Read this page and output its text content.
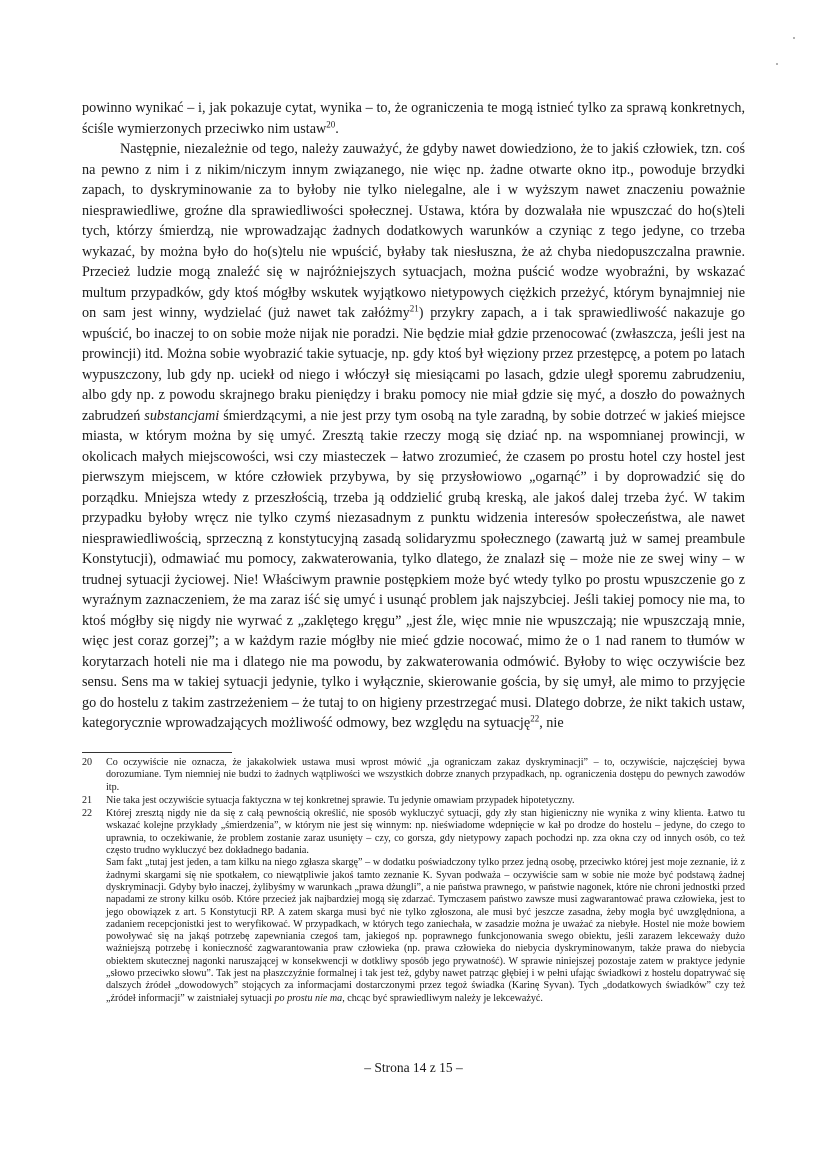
powinno wynikać – i, jak pokazuje cytat, wynika – to, że ograniczenia te mogą istnieć tylko za sprawą konkretnych, ściśle wymierzonych przeciwko nim ustaw$^{20}$.

Następnie, niezależnie od tego, należy zauważyć, że gdyby nawet dowiedziono, że to jakiś człowiek, tzn. coś na pewno z nim i z nikim/niczym innym związanego, nie więc np. żadne otwarte okno itp., powoduje brzydki zapach, to dyskryminowanie za to byłoby nie tylko nielegalne, ale i w wyższym nawet znaczeniu poważnie niesprawiedliwe, groźne dla sprawiedliwości społecznej. Ustawa, która by dozwalała nie wpuszczać do ho(s)teli tych, którzy śmierdzą, nie wprowadzając żadnych dodatkowych warunków a czyniąc z tego jedyne, co trzeba wykazać, by można było do ho(s)telu nie wpuścić, byłaby tak niesłuszna, że aż chyba niedopuszczalna prawnie. Przecież ludzie mogą znaleźć się w najróżniejszych sytuacjach, można puścić wodze wyobraźni, by wskazać multum przypadków, gdy ktoś mógłby wskutek wyjątkowo nietypowych ciężkich przeżyć, którym bynajmniej nie on sam jest winny, wydzielać (już nawet tak załóżmy$^{21}$) przykry zapach, a i tak sprawiedliwość nakazuje go wpuścić, bo inaczej to on sobie może nijak nie poradzi. Nie będzie miał gdzie przenocować (zwłaszcza, jeśli jest na prowincji) itd. Można sobie wyobrazić takie sytuacje, np. gdy ktoś był więziony przez przestępcę, a potem po latach wypuszczony, lub gdy np. uciekł od niego i włóczył się miesiącami po lasach, gdzie uległ sporemu zabrudzeniu, albo gdy np. z powodu skrajnego braku pieniędzy i braku pomocy nie miał gdzie się myć, a doszło do poważnych zabrudzeń substancjami śmierdzącymi, a nie jest przy tym osobą na tyle zaradną, by sobie dotrzeć w jakieś miejsce miasta, w którym można by się umyć. Zresztą takie rzeczy mogą się dziać np. na wspomnianej prowincji, w okolicach małych miejscowości, wsi czy miasteczek – łatwo zrozumieć, że czasem po prostu hotel czy hostel jest pierwszym miejscem, w które człowiek przybywa, by się przysłowiowo „ogarnąć” i by doprowadzić się do porządku. Mniejsza wtedy z przeszłością, trzeba ją oddzielić grubą kreską, ale jakoś dalej trzeba żyć. W takim przypadku byłoby wręcz nie tylko czymś niezasadnym z punktu widzenia interesów społeczeństwa, ale nawet niesprawiedliwością, sprzeczną z konstytucyjną zasadą solidaryzmu społecznego (zawartą już w samej preambule Konstytucji), odmawiać mu pomocy, zakwaterowania, tylko dlatego, że znalazł się – może nie ze swej winy – w trudnej sytuacji życiowej. Nie! Właściwym prawnie postępkiem może być wtedy tylko po prostu wpuszczenie go z wyraźnym zaznaczeniem, że ma zaraz iść się umyć i usunąć problem jak najszybciej. Jeśli takiej pomocy nie ma, to ktoś mógłby się nigdy nie wyrwać z „zaklętego kręgu” „jest źle, więc mnie nie wpuszczają; nie wpuszczają mnie, więc jest coraz gorzej”; a w każdym razie mógłby nie mieć gdzie nocować, mimo że o 1 nad ranem to tłumów w korytarzach hoteli nie ma i dlatego nie ma powodu, by zakwaterowania odmówić. Byłoby to więc oczywiście bez sensu. Sens ma w takiej sytuacji jedynie, tylko i wyłącznie, skierowanie gościa, by się umył, ale mimo to przyjęcie go do hostelu z takim zastrzeżeniem – że tutaj to on higieny przestrzegać musi. Dlatego dobrze, że nikt takich ustaw, kategorycznie wprowadzających możliwość odmowy, bez względu na sytuację$^{22}$, nie

20	Co oczywiście nie oznacza, że jakakolwiek ustawa musi wprost mówić „ja ograniczam zakaz dyskryminacji” – to, oczywiście, najczęściej bywa dorozumiane. Tym niemniej nie budzi to żadnych wątpliwości we wszystkich dobrze znanych przypadkach, np. ograniczenia dostępu do pewnych zawodów itp.

21	Nie taka jest oczywiście sytuacja faktyczna w tej konkretnej sprawie. Tu jedynie omawiam przypadek hipotetyczny.

22	Której zresztą nigdy nie da się z całą pewnością określić, nie sposób wykluczyć sytuacji, gdy zły stan higieniczny nie wynika z winy klienta. Łatwo tu wskazać kolejne przykłady „śmierdzenia”, w którym nie jest się winnym: np. nieświadome wdepnięcie w kał po drodze do hostelu – jedyne, do czego to uprawnia, to oczekiwanie, że problem zostanie zaraz usunięty – czy, co gorsza, gdy nietypowy zapach pochodzi np. zza okna czy od innych osób, co też często trudno wykluczyć bez dokładnego badania.

Sam fakt „tutaj jest jeden, a tam kilku na niego zgłasza skargę” – w dodatku poświadczony tylko przez jedną osobę, przeciwko której jest moje zeznanie, iż z żadnymi skargami się nie spotkałem, co niewątpliwie jakoś tamto zeznanie K. Syvan podważa – oczywiście sam w sobie nie może być podstawą żadnej dyskryminacji. Gdyby było inaczej, żylibyśmy w warunkach „prawa dżungli”, a nie państwa prawnego, w państwie nagonek, które nie chroni jednostki przed napadami ze strony kilku osób. Które przecież jak najbardziej mogą się zdarzać. Tymczasem państwo zawsze musi zagwarantować prawa człowieka, jest to jego obowiązek z art. 5 Konstytucji RP. A zatem skarga musi być nie tylko zgłoszona, ale musi być jeszcze zasadna, żeby mogła być uwzględniona, a zadaniem recepcjonistki jest to weryfikować. W przypadkach, w których tego zaniechała, w zasadzie można je uważać za niebyłe. Hostel nie może bowiem powoływać się na jakąś potrzebę zapewniania czegoś tam, jakiegoś np. poprawnego funkcjonowania swego obiektu, jeśli zarazem lekceważy dużo ważniejszą potrzebę i konieczność zagwarantowania praw człowieka (np. prawa człowieka do niebycia dyskryminowanym, także prawa do niebycia obiektem skutecznej nagonki naruszającej w konsekwencji w dotkliwy sposób jego prywatność). W sprawie niniejszej pozostaje zatem w praktyce jedynie „słowo przeciwko słowu”. Tak jest na płaszczyźnie formalnej i tak jest też, gdyby nawet patrząc głębiej i w pełni ufając świadkowi z hostelu dopatrywać się dalszych źródeł „dowodowych” stojących za informacjami dostarczonymi przez tegoż świadka (Karinę Syvan). Tych „dodatkowych świadków” czy też „źródeł informacji” w zaistniałej sytuacji po prostu nie ma, chcąc być sprawiedliwym należy je lekceważyć.

– Strona 14 z 15 –
